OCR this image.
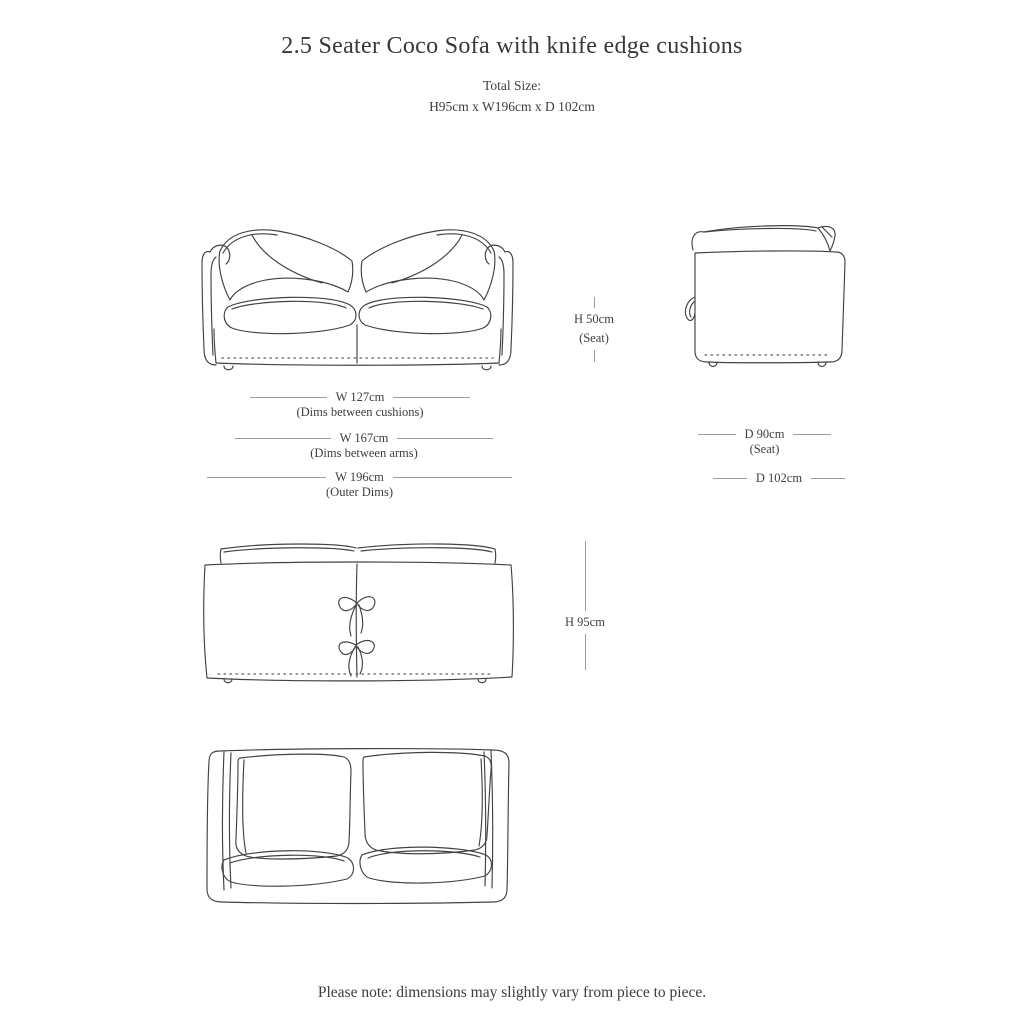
2.5 Seater Coco Sofa with knife edge cushions
Total Size:
H95cm x W196cm x D 102cm
H 50cm
(Seat)
W 127cm
(Dims between cushions)
W 167cm
(Dims between arms)
W 196cm
(Outer Dims)
D 90cm
(Seat)
D 102cm
H 95cm
Please note: dimensions may slightly vary from piece to piece.
